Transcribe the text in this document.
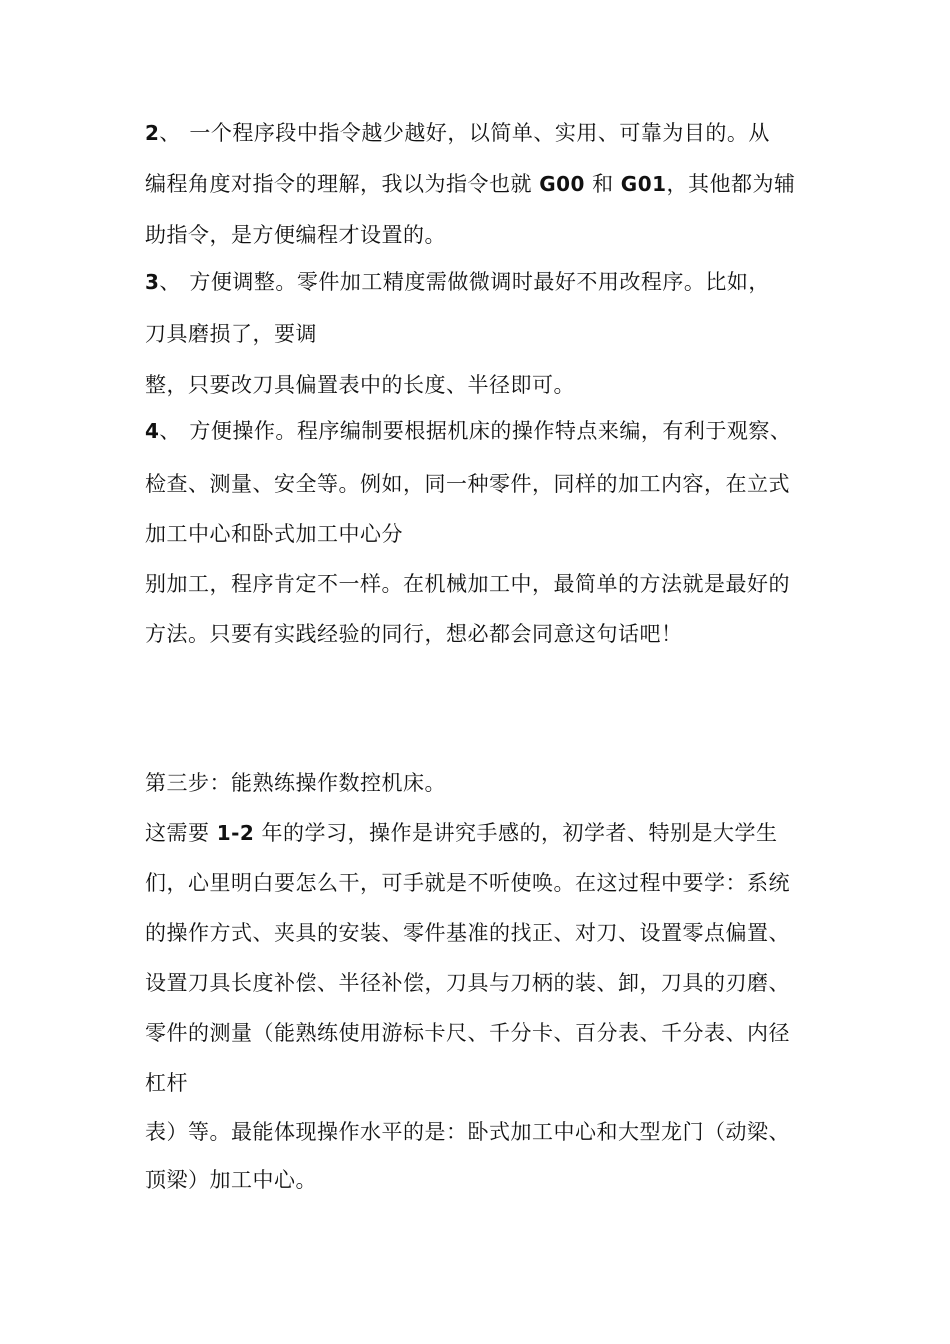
2、 一个程序段中指令越少越好，以简单、实用、可靠为目的。从
编程角度对指令的理解，我以为指令也就 G00 和 G01，其他都为辅
助指令，是方便编程才设置的。
3、 方便调整。零件加工精度需做微调时最好不用改程序。比如，
刀具磨损了，要调
整，只要改刀具偏置表中的长度、半径即可。
4、 方便操作。程序编制要根据机床的操作特点来编，有利于观察、
检查、测量、安全等。例如，同一种零件，同样的加工内容，在立式
加工中心和卧式加工中心分
别加工，程序肯定不一样。在机械加工中，最简单的方法就是最好的
方法。只要有实践经验的同行，想必都会同意这句话吧！
第三步：能熟练操作数控机床。
这需要 1-2 年的学习，操作是讲究手感的，初学者、特别是大学生
们，心里明白要怎么干，可手就是不听使唤。在这过程中要学：系统
的操作方式、夹具的安装、零件基准的找正、对刀、设置零点偏置、
设置刀具长度补偿、半径补偿，刀具与刀柄的装、卸，刀具的刃磨、
零件的测量（能熟练使用游标卡尺、千分卡、百分表、千分表、内径
杠杆
表）等。最能体现操作水平的是：卧式加工中心和大型龙门（动梁、
顶梁）加工中心。
